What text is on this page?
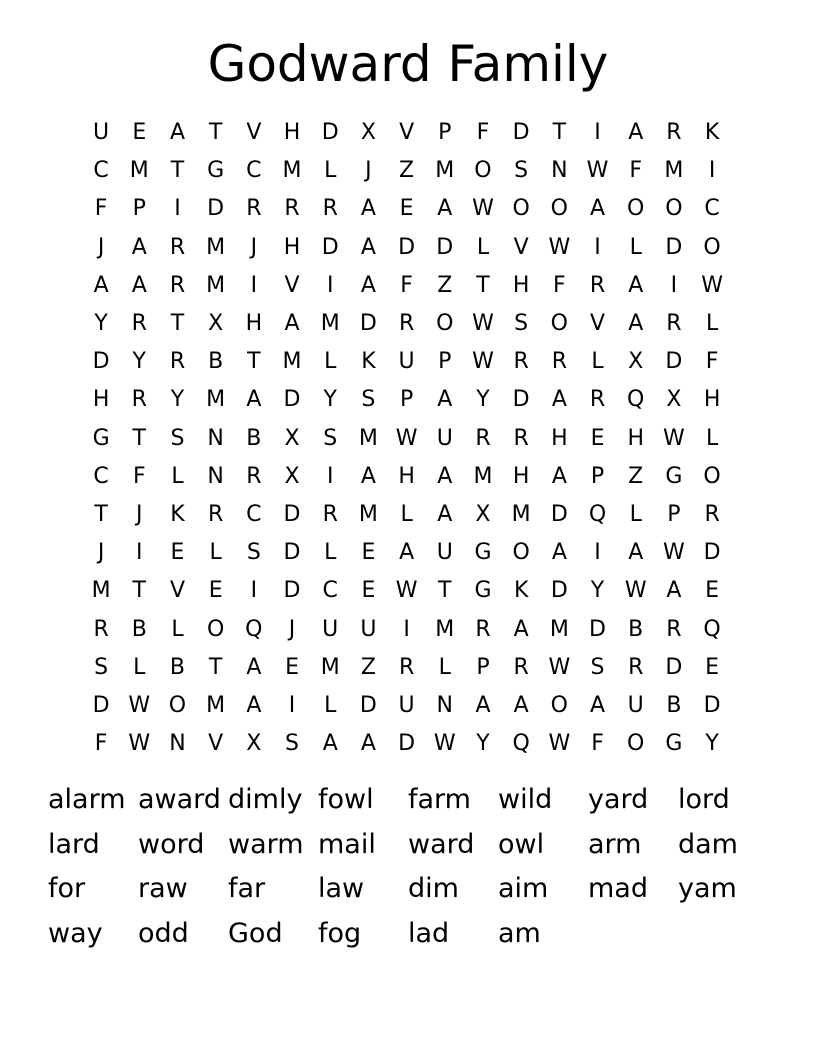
Godward Family
U	E	A	T	V	H D	X	V	P	F	D	T	I	A	R	K
C M T	G C M	L	J	Z M O	S	N W F	M	I
F	P	I	D	R	R	R	A	E	A W O O	A O O C
J	A	R M	J	H D	A	D D	L	V W	I	L	D O
A	A	R M	I	V	I	A	F	Z	T	H	F	R	A	I	W
Y	R	T	X	H	A M D	R O W S	O	V	A	R	L
D	Y	R	B	T M	L	K	U	P W R	R	L	X	D	F
H	R	Y M A	D	Y	S	P	A	Y	D	A	R Q X	H
G	T	S	N	B	X	S M W U	R	R	H	E	H W L
C	F	L	N	R	X	I	A	H	A M H	A	P	Z	G O
T	J	K	R	C	D	R M	L	A	X M D Q	L	P	R
J	I	E	L	S	D	L	E	A	U G O	A	I	A W D
M T	V	E	I	D	C	E W T	G	K	D	Y W A	E
R	B	L	O Q	J	U	U	I	M R	A M D	B	R Q
S	L	B	T	A	E M Z	R	L	P	R W S	R	D	E
D W O M A	I	L	D U N	A	A O	A	U	B	D
F W N	V	X	S	A	A	D W Y	Q W F	O G	Y
alarm award dimly fowl	farm	wild	yard	lord
lard	word warm mail	ward owl	arm	dam
for	raw	far	law	dim	aim	mad	yam
way	odd	God	fog	lad	am
